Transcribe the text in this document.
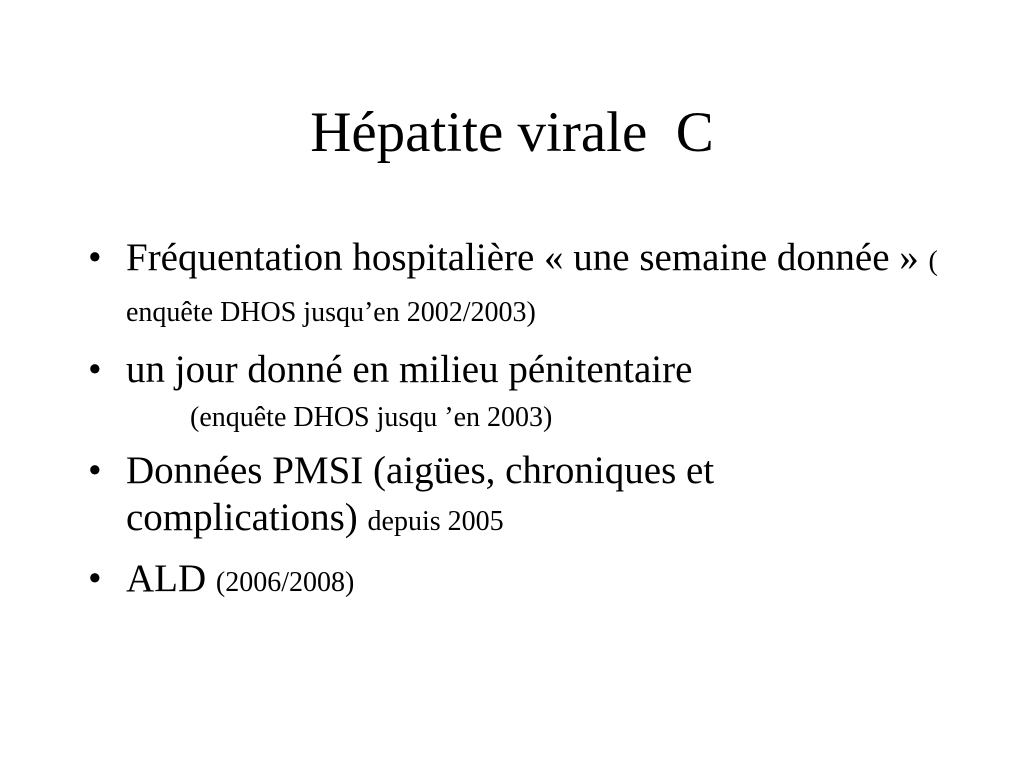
Hépatite virale  C
• Fréquentation hospitalière « une semaine donnée » ( enquête DHOS jusqu’en 2002/2003)
• un jour donné en milieu pénitentaire
(enquête DHOS jusqu ’en 2003)
• Données PMSI (aigües, chroniques et complications) depuis 2005
• ALD (2006/2008)
